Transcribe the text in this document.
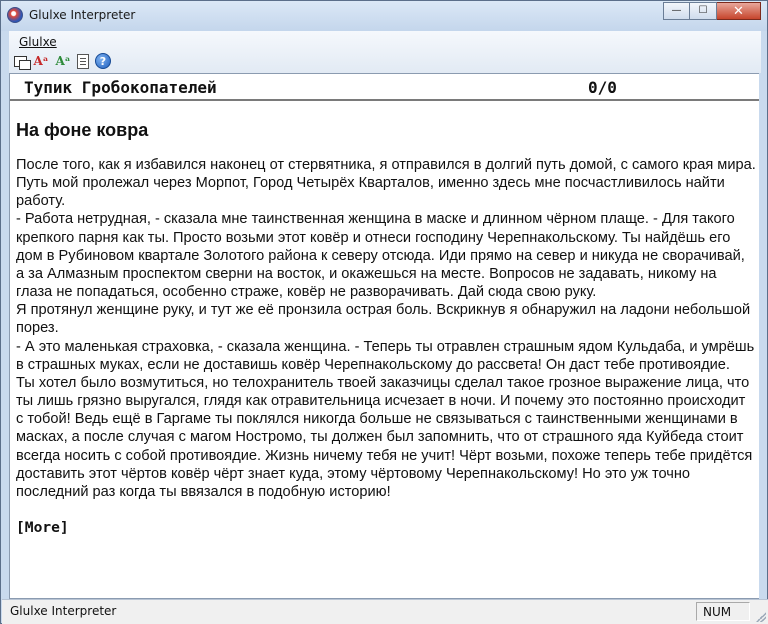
Glulxe Interpreter	— ☐ ✕
Glulxe
Aᵃ Aᵃ	?
Тупик Гробокопателей	0/0
На фоне ковра

После того, как я избавился наконец от стервятника, я отправился в долгий путь домой, с самого края мира. Путь мой пролежал через Морпот, Город Четырёх Кварталов, именно здесь мне посчастливилось найти работу.

- Работа нетрудная, - сказала мне таинственная женщина в маске и длинном чёрном плаще. - Для такого крепкого парня как ты. Просто возьми этот ковёр и отнеси господину Черепнакольскому. Ты найдёшь его дом в Рубиновом квартале Золотого района к северу отсюда. Иди прямо на север и никуда не сворачивай, а за Алмазным проспектом сверни на восток, и окажешься на месте. Вопросов не задавать, никому на глаза не попадаться, особенно страже, ковёр не разворачивать. Дай сюда свою руку.

Я протянул женщине руку, и тут же её пронзила острая боль. Вскрикнув я обнаружил на ладони небольшой порез.

- А это маленькая страховка, - сказала женщина. - Теперь ты отравлен страшным ядом Кульдаба, и умрёшь в страшных муках, если не доставишь ковёр Черепнакольскому до рассвета! Он даст тебе противоядие.

Ты хотел было возмутиться, но телохранитель твоей заказчицы сделал такое грозное выражение лица, что ты лишь грязно выругался, глядя как отравительница исчезает в ночи. И почему это постоянно происходит с тобой! Ведь ещё в Гаргаме ты поклялся никогда больше не связываться с таинственными женщинами в масках, а после случая с магом Ностромо, ты должен был запомнить, что от страшного яда Куйбеда стоит всегда носить с собой противоядие. Жизнь ничему тебя не учит! Чёрт возьми, похоже теперь тебе придётся доставить этот чёртов ковёр чёрт знает куда, этому чёртовому Черепнакольскому! Но это уж точно последний раз когда ты ввязался в подобную историю!

[More]
Glulxe Interpreter	NUM
